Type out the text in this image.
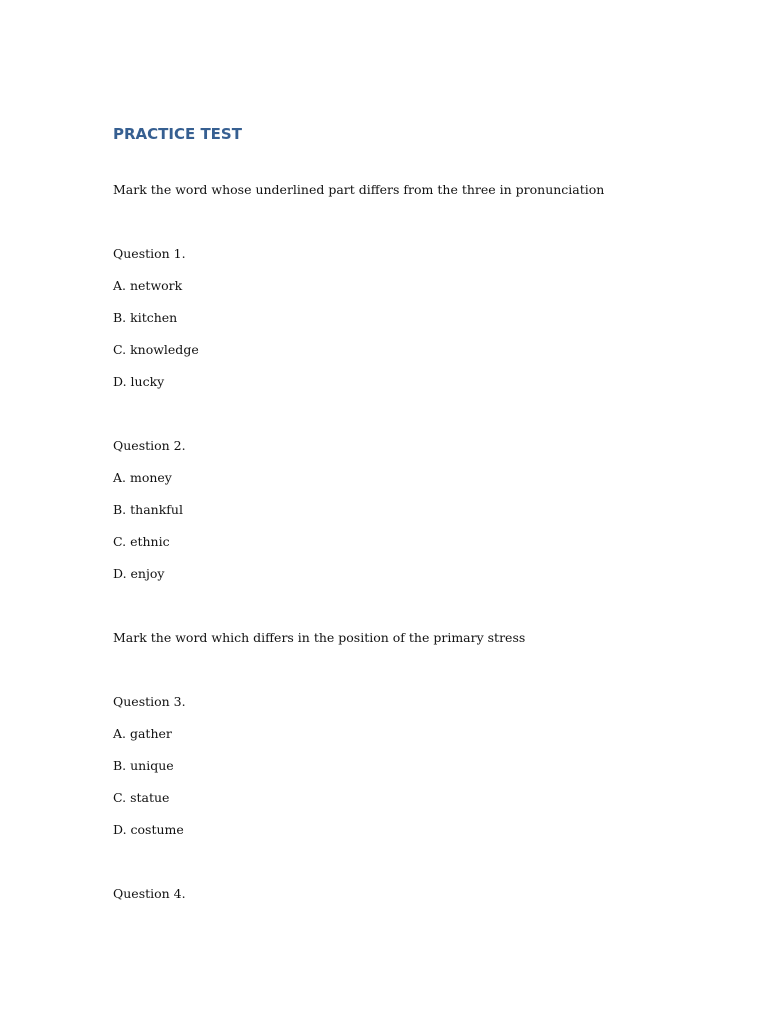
PRACTICE TEST
Mark the word whose underlined part differs from the three in pronunciation
Question 1.
A. network
B. kitchen
C. knowledge
D. lucky
Question 2.
A. money
B. thankful
C. ethnic
D. enjoy
Mark the word which differs in the position of the primary stress
Question 3.
A. gather
B. unique
C. statue
D. costume
Question 4.
